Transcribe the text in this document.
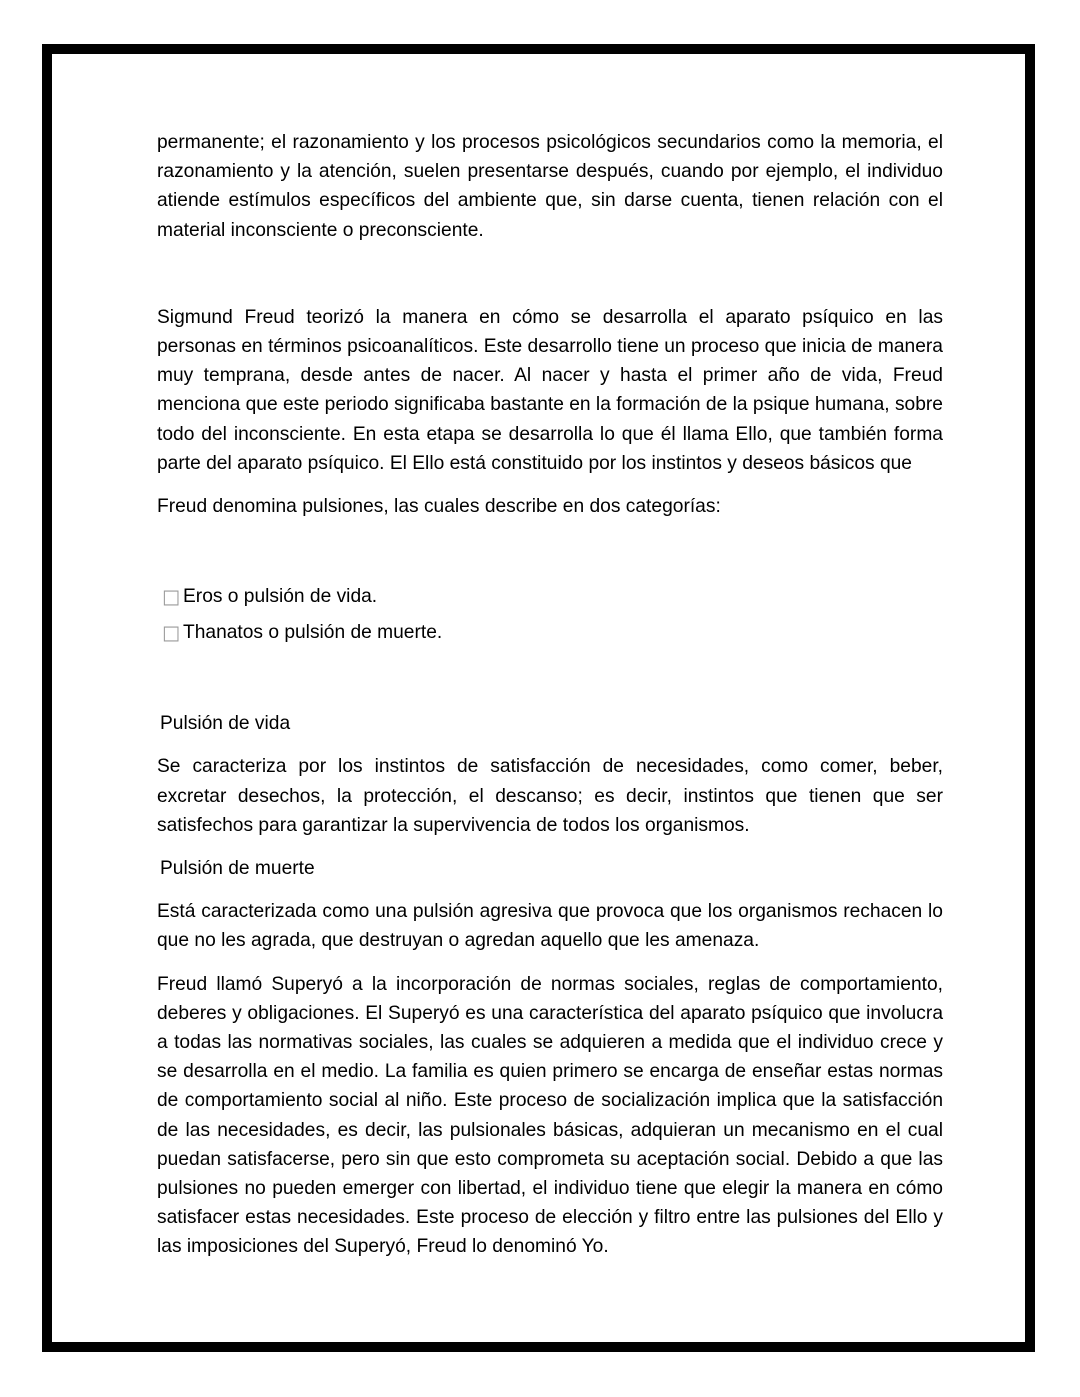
permanente; el razonamiento y los procesos psicológicos secundarios como la memoria, el razonamiento y la atención, suelen presentarse después, cuando por ejemplo, el individuo atiende estímulos específicos del ambiente que, sin darse cuenta, tienen relación con el material inconsciente o preconsciente.

Sigmund Freud teorizó la manera en cómo se desarrolla el aparato psíquico en las personas en términos psicoanalíticos. Este desarrollo tiene un proceso que inicia de manera muy temprana, desde antes de nacer. Al nacer y hasta el primer año de vida, Freud menciona que este periodo significaba bastante en la formación de la psique humana, sobre todo del inconsciente. En esta etapa se desarrolla lo que él llama Ello, que también forma parte del aparato psíquico. El Ello está constituido por los instintos y deseos básicos que

Freud denomina pulsiones, las cuales describe en dos categorías:

□ Eros o pulsión de vida.
□ Thanatos o pulsión de muerte.

Pulsión de vida

Se caracteriza por los instintos de satisfacción de necesidades, como comer, beber, excretar desechos, la protección, el descanso; es decir, instintos que tienen que ser satisfechos para garantizar la supervivencia de todos los organismos.

Pulsión de muerte

Está caracterizada como una pulsión agresiva que provoca que los organismos rechacen lo que no les agrada, que destruyan o agredan aquello que les amenaza.

Freud llamó Superyó a la incorporación de normas sociales, reglas de comportamiento, deberes y obligaciones. El Superyó es una característica del aparato psíquico que involucra a todas las normativas sociales, las cuales se adquieren a medida que el individuo crece y se desarrolla en el medio. La familia es quien primero se encarga de enseñar estas normas de comportamiento social al niño. Este proceso de socialización implica que la satisfacción de las necesidades, es decir, las pulsionales básicas, adquieran un mecanismo en el cual puedan satisfacerse, pero sin que esto comprometa su aceptación social. Debido a que las pulsiones no pueden emerger con libertad, el individuo tiene que elegir la manera en cómo satisfacer estas necesidades. Este proceso de elección y filtro entre las pulsiones del Ello y las imposiciones del Superyó, Freud lo denominó Yo.
